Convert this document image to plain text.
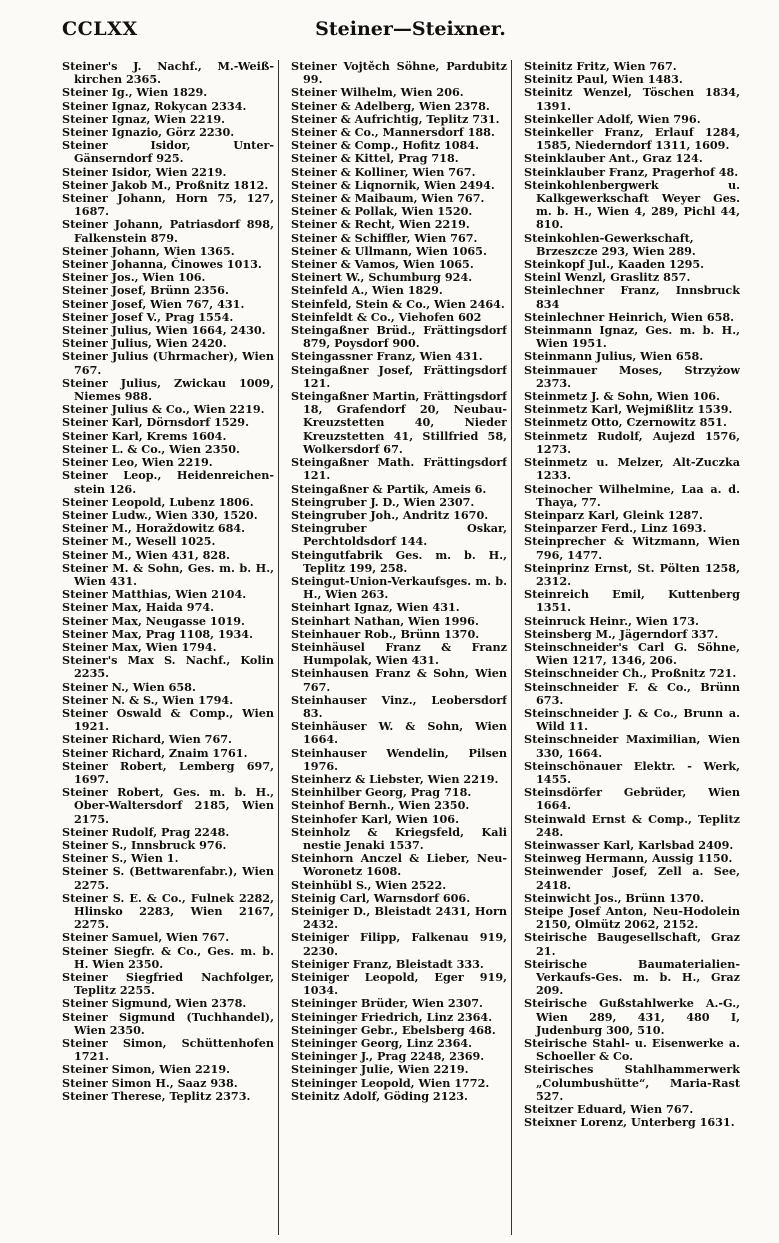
CCLXX	Steiner—Steixner.
Steiner's J. Nachf., M.-Weiß-kirchen 2365.
Steiner Ig., Wien 1829.
Steiner Ignaz, Rokycan 2334.
Steiner Ignaz, Wien 2219.
Steiner Ignazio, Görz 2230.
Steiner Isidor, Unter-Gänserndorf 925.
Steiner Isidor, Wien 2219.
Steiner Jakob M., Proßnitz 1812.
Steiner Johann, Horn 75, 127, 1687.
Steiner Johann, Patriasdorf 898, Falkenstein 879.
Steiner Johann, Wien 1365.
Steiner Johanna, Činowes 1013.
Steiner Jos., Wien 106.
Steiner Josef, Brünn 2356.
Steiner Josef, Wien 767, 431.
Steiner Josef V., Prag 1554.
Steiner Julius, Wien 1664, 2430.
Steiner Julius, Wien 2420.
Steiner Julius (Uhrmacher), Wien 767.
Steiner Julius, Zwickau 1009, Niemes 988.
Steiner Julius & Co., Wien 2219.
Steiner Karl, Dörnsdorf 1529.
Steiner Karl, Krems 1604.
Steiner L. & Co., Wien 2350.
Steiner Leo, Wien 2219.
Steiner Leop., Heidenreichen-stein 126.
Steiner Leopold, Lubenz 1806.
Steiner Ludw., Wien 330, 1520.
Steiner M., Horaždowitz 684.
Steiner M., Wesell 1025.
Steiner M., Wien 431, 828.
Steiner M. & Sohn, Ges. m. b. H., Wien 431.
Steiner Matthias, Wien 2104.
Steiner Max, Haida 974.
Steiner Max, Neugasse 1019.
Steiner Max, Prag 1108, 1934.
Steiner Max, Wien 1794.
Steiner's Max S. Nachf., Kolin 2235.
Steiner N., Wien 658.
Steiner N. & S., Wien 1794.
Steiner Oswald & Comp., Wien 1921.
Steiner Richard, Wien 767.
Steiner Richard, Znaim 1761.
Steiner Robert, Lemberg 697, 1697.
Steiner Robert, Ges. m. b. H., Ober-Waltersdorf 2185, Wien 2175.
Steiner Rudolf, Prag 2248.
Steiner S., Innsbruck 976.
Steiner S., Wien 1.
Steiner S. (Bettwarenfabr.), Wien 2275.
Steiner S. E. & Co., Fulnek 2282, Hlinsko 2283, Wien 2167, 2275.
Steiner Samuel, Wien 767.
Steiner Siegfr. & Co., Ges. m. b. H. Wien 2350.
Steiner Siegfried Nachfolger, Teplitz 2255.
Steiner Sigmund, Wien 2378.
Steiner Sigmund (Tuchhandel), Wien 2350.
Steiner Simon, Schüttenhofen 1721.
Steiner Simon, Wien 2219.
Steiner Simon H., Saaz 938.
Steiner Therese, Teplitz 2373.
Steiner Vojtěch Söhne, Pardubitz 99.
Steiner Wilhelm, Wien 206.
Steiner & Adelberg, Wien 2378.
Steiner & Aufrichtig, Teplitz 731.
Steiner & Co., Mannersdorf 188.
Steiner & Comp., Hofitz 1084.
Steiner & Kittel, Prag 718.
Steiner & Kolliner, Wien 767.
Steiner & Liqnornik, Wien 2494.
Steiner & Maibaum, Wien 767.
Steiner & Pollak, Wien 1520.
Steiner & Recht, Wien 2219.
Steiner & Schiffler, Wien 767.
Steiner & Ullmann, Wien 1065.
Steiner & Vamos, Wien 1065.
Steinert W., Schumburg 924.
Steinfeld A., Wien 1829.
Steinfeld, Stein & Co., Wien 2464.
Steinfeldt & Co., Viehofen 602
Steingaßner Brüd., Frättingsdorf 879, Poysdorf 900.
Steingassner Franz, Wien 431.
Steingaßner Josef, Frättingsdorf 121.
Steingaßner Martin, Frättingsdorf 18, Grafendorf 20, Neubau-Kreuzstetten 40, Nieder Kreuzstetten 41, Stillfried 58, Wolkersdorf 67.
Steingaßner Math. Frättingsdorf 121.
Steingaßner & Partik, Ameis 6.
Steingruber J. D., Wien 2307.
Steingruber Joh., Andritz 1670.
Steingruber Oskar, Perchtoldsdorf 144.
Steingutfabrik Ges. m. b. H., Teplitz 199, 258.
Steingut-Union-Verkaufsges. m. b. H., Wien 263.
Steinhart Ignaz, Wien 431.
Steinhart Nathan, Wien 1996.
Steinhauer Rob., Brünn 1370.
Steinhäusel Franz & Franz Humpolak, Wien 431.
Steinhausen Franz & Sohn, Wien 767.
Steinhauser Vinz., Leobersdorf 83.
Steinhäuser W. & Sohn, Wien 1664.
Steinhauser Wendelin, Pilsen 1976.
Steinherz & Liebster, Wien 2219.
Steinhilber Georg, Prag 718.
Steinhof Bernh., Wien 2350.
Steinhofer Karl, Wien 106.
Steinholz & Kriegsfeld, Kali nestie Jenaki 1537.
Steinhorn Anczel & Lieber, Neu-Woronetz 1608.
Steinhübl S., Wien 2522.
Steinig Carl, Warnsdorf 606.
Steiniger D., Bleistadt 2431, Horn 2432.
Steiniger Filipp, Falkenau 919, 2230.
Steiniger Franz, Bleistadt 333.
Steiniger Leopold, Eger 919, 1034.
Steininger Brüder, Wien 2307.
Steininger Friedrich, Linz 2364.
Steininger Gebr., Ebelsberg 468.
Steininger Georg, Linz 2364.
Steininger J., Prag 2248, 2369.
Steininger Julie, Wien 2219.
Steininger Leopold, Wien 1772.
Steinitz Adolf, Göding 2123.
Steinitz Fritz, Wien 767.
Steinitz Paul, Wien 1483.
Steinitz Wenzel, Töschen 1834, 1391.
Steinkeller Adolf, Wien 796.
Steinkeller Franz, Erlauf 1284, 1585, Niederndorf 1311, 1609.
Steinklauber Ant., Graz 124.
Steinklauber Franz, Pragerhof 48.
Steinkohlenbergwerk u. Kalkgewerkschaft Weyer Ges. m. b. H., Wien 4, 289, Pichl 44, 810.
Steinkohlen-Gewerkschaft, Brzeszcze 293, Wien 289.
Steinkopf Jul., Kaaden 1295.
Steinl Wenzl, Graslitz 857.
Steinlechner Franz, Innsbruck 834
Steinlechner Heinrich, Wien 658.
Steinmann Ignaz, Ges. m. b. H., Wien 1951.
Steinmann Julius, Wien 658.
Steinmauer Moses, Strzyżow 2373.
Steinmetz J. & Sohn, Wien 106.
Steinmetz Karl, Wejmißlitz 1539.
Steinmetz Otto, Czernowitz 851.
Steinmetz Rudolf, Aujezd 1576, 1273.
Steinmetz u. Melzer, Alt-Zuczka 1233.
Steinocher Wilhelmine, Laa a. d. Thaya, 77.
Steinparz Karl, Gleink 1287.
Steinparzer Ferd., Linz 1693.
Steinprecher & Witzmann, Wien 796, 1477.
Steinprinz Ernst, St. Pölten 1258, 2312.
Steinreich Emil, Kuttenberg 1351.
Steinruck Heinr., Wien 173.
Steinsberg M., Jägerndorf 337.
Steinschneider's Carl G. Söhne, Wien 1217, 1346, 206.
Steinschneider Ch., Proßnitz 721.
Steinschneider F. & Co., Brünn 673.
Steinschneider J. & Co., Brunn a. Wild 11.
Steinschneider Maximilian, Wien 330, 1664.
Steinschönauer Elektr. - Werk, 1455.
Steinsdörfer Gebrüder, Wien 1664.
Steinwald Ernst & Comp., Teplitz 248.
Steinwasser Karl, Karlsbad 2409.
Steinweg Hermann, Aussig 1150.
Steinwender Josef, Zell a. See, 2418.
Steinwicht Jos., Brünn 1370.
Steipe Josef Anton, Neu-Hodolein 2150, Olmütz 2062, 2152.
Steirische Baugesellschaft, Graz 21.
Steirische Baumaterialien-Verkaufs-Ges. m. b. H., Graz 209.
Steirische Gußstahlwerke A.-G., Wien 289, 431, 480 I, Judenburg 300, 510.
Steirische Stahl- u. Eisenwerke a. Schoeller & Co.
Steirisches Stahlhammerwerk „Columbushütte“, Maria-Rast 527.
Steitzer Eduard, Wien 767.
Steixner Lorenz, Unterberg 1631.
